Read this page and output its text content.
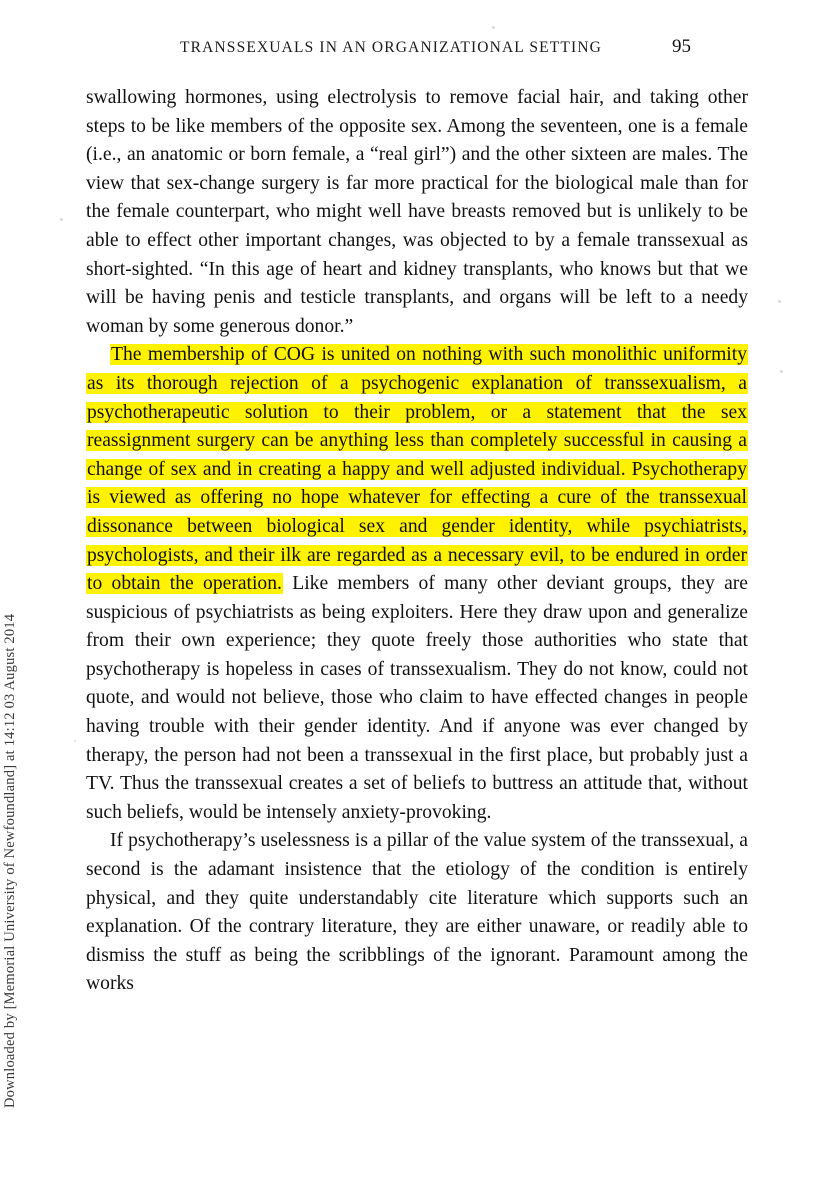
Downloaded by [Memorial University of Newfoundland] at 14:12 03 August 2014
TRANSSEXUALS IN AN ORGANIZATIONAL SETTING	95

swallowing hormones, using electrolysis to remove facial hair, and taking other steps to be like members of the opposite sex. Among the seventeen, one is a female (i.e., an anatomic or born female, a “real girl”) and the other sixteen are males. The view that sex-change surgery is far more practical for the biological male than for the female counterpart, who might well have breasts removed but is unlikely to be able to effect other important changes, was objected to by a female transsexual as short-sighted. “In this age of heart and kidney transplants, who knows but that we will be having penis and testicle transplants, and organs will be left to a needy woman by some generous donor.”

The membership of COG is united on nothing with such monolithic uniformity as its thorough rejection of a psychogenic explanation of transsexualism, a psychotherapeutic solution to their problem, or a statement that the sex reassignment surgery can be anything less than completely successful in causing a change of sex and in creating a happy and well adjusted individual. Psychotherapy is viewed as offering no hope whatever for effecting a cure of the transsexual dissonance between biological sex and gender identity, while psychiatrists, psychologists, and their ilk are regarded as a necessary evil, to be endured in order to obtain the operation. Like members of many other deviant groups, they are suspicious of psychiatrists as being exploiters. Here they draw upon and generalize from their own experience; they quote freely those authorities who state that psychotherapy is hopeless in cases of transsexualism. They do not know, could not quote, and would not believe, those who claim to have effected changes in people having trouble with their gender identity. And if anyone was ever changed by therapy, the person had not been a transsexual in the first place, but probably just a TV. Thus the transsexual creates a set of beliefs to buttress an attitude that, without such beliefs, would be intensely anxiety-provoking.

If psychotherapy’s uselessness is a pillar of the value system of the transsexual, a second is the adamant insistence that the etiology of the condition is entirely physical, and they quite understandably cite literature which supports such an explanation. Of the contrary literature, they are either unaware, or readily able to dismiss the stuff as being the scribblings of the ignorant. Paramount among the works
